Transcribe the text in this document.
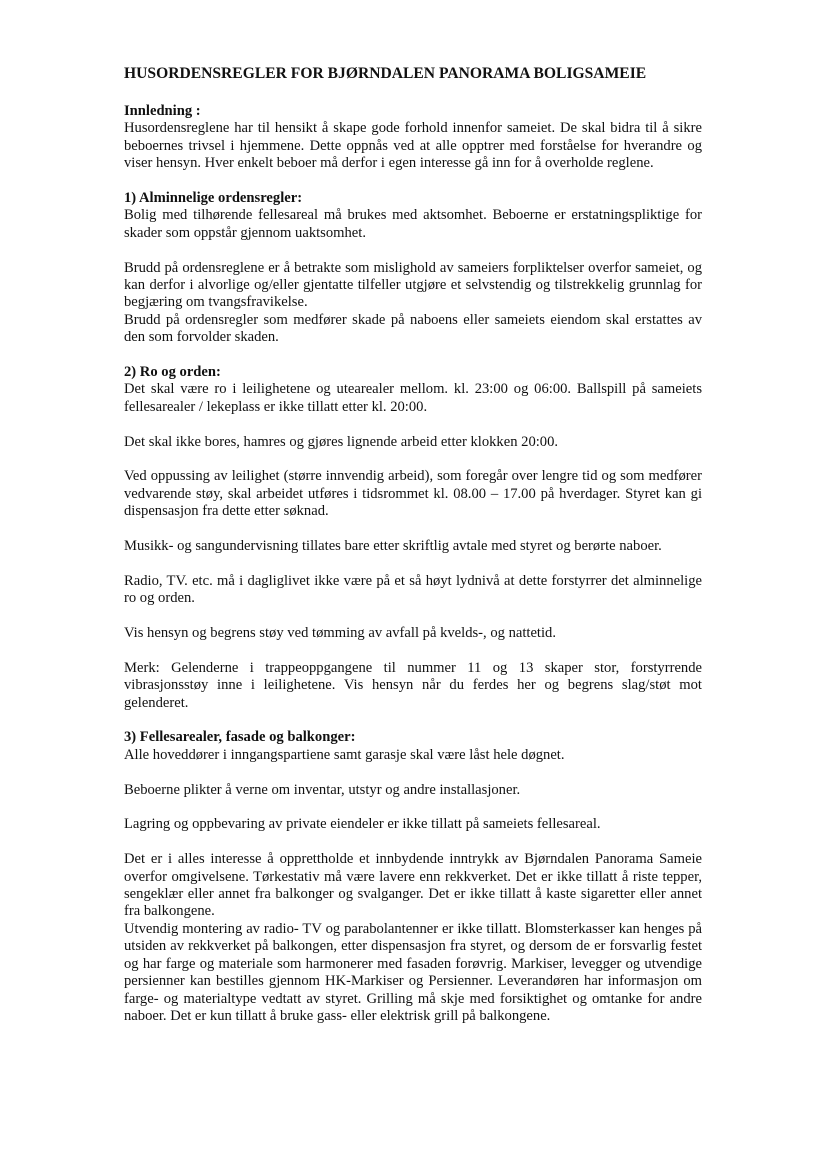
HUSORDENSREGLER FOR BJØRNDALEN PANORAMA BOLIGSAMEIE
Innledning :

Husordensreglene har til hensikt å skape gode forhold innenfor sameiet. De skal bidra til å sikre beboernes trivsel i hjemmene. Dette oppnås ved at alle opptrer med forståelse for hverandre og viser hensyn. Hver enkelt beboer må derfor i egen interesse gå inn for å overholde reglene.

1) Alminnelige ordensregler:

Bolig med tilhørende fellesareal må brukes med aktsomhet. Beboerne er erstatningspliktige for skader som oppstår gjennom uaktsomhet.

Brudd på ordensreglene er å betrakte som mislighold av sameiers forpliktelser overfor sameiet, og kan derfor i alvorlige og/eller gjentatte tilfeller utgjøre et selvstendig og tilstrekkelig grunnlag for begjæring om tvangsfravikelse.

Brudd på ordensregler som medfører skade på naboens eller sameiets eiendom skal erstattes av den som forvolder skaden.

2) Ro og orden:

Det skal være ro i leilighetene og utearealer mellom. kl. 23:00 og 06:00. Ballspill på sameiets fellesarealer / lekeplass er ikke tillatt etter kl. 20:00.

Det skal ikke bores, hamres og gjøres lignende arbeid etter klokken 20:00.

Ved oppussing av leilighet (større innvendig arbeid), som foregår over lengre tid og som medfører vedvarende støy, skal arbeidet utføres i tidsrommet kl. 08.00 – 17.00 på hverdager. Styret kan gi dispensasjon fra dette etter søknad.

Musikk- og sangundervisning tillates bare etter skriftlig avtale med styret og berørte naboer.

Radio, TV. etc. må i dagliglivet ikke være på et så høyt lydnivå at dette forstyrrer det alminnelige ro og orden.

Vis hensyn og begrens støy ved tømming av avfall på kvelds-, og nattetid.

Merk: Gelenderne i trappeoppgangene til nummer 11 og 13 skaper stor, forstyrrende vibrasjonsstøy inne i leilighetene. Vis hensyn når du ferdes her og begrens slag/støt mot gelenderet.

3) Fellesarealer, fasade og balkonger:

Alle hoveddører i inngangspartiene samt garasje skal være låst hele døgnet.

Beboerne plikter å verne om inventar, utstyr og andre installasjoner.

Lagring og oppbevaring av private eiendeler er ikke tillatt på sameiets fellesareal.

Det er i alles interesse å opprettholde et innbydende inntrykk av Bjørndalen Panorama Sameie overfor omgivelsene. Tørkestativ må være lavere enn rekkverket. Det er ikke tillatt å riste tepper, sengeklær eller annet fra balkonger og svalganger. Det er ikke tillatt å kaste sigaretter eller annet fra balkongene.

Utvendig montering av radio- TV og parabolantenner er ikke tillatt. Blomsterkasser kan henges på utsiden av rekkverket på balkongen, etter dispensasjon fra styret, og dersom de er forsvarlig festet og har farge og materiale som harmonerer med fasaden forøvrig. Markiser, levegger og utvendige persienner kan bestilles gjennom HK-Markiser og Persienner. Leverandøren har informasjon om farge- og materialtype vedtatt av styret. Grilling må skje med forsiktighet og omtanke for andre naboer. Det er kun tillatt å bruke gass- eller elektrisk grill på balkongene.
